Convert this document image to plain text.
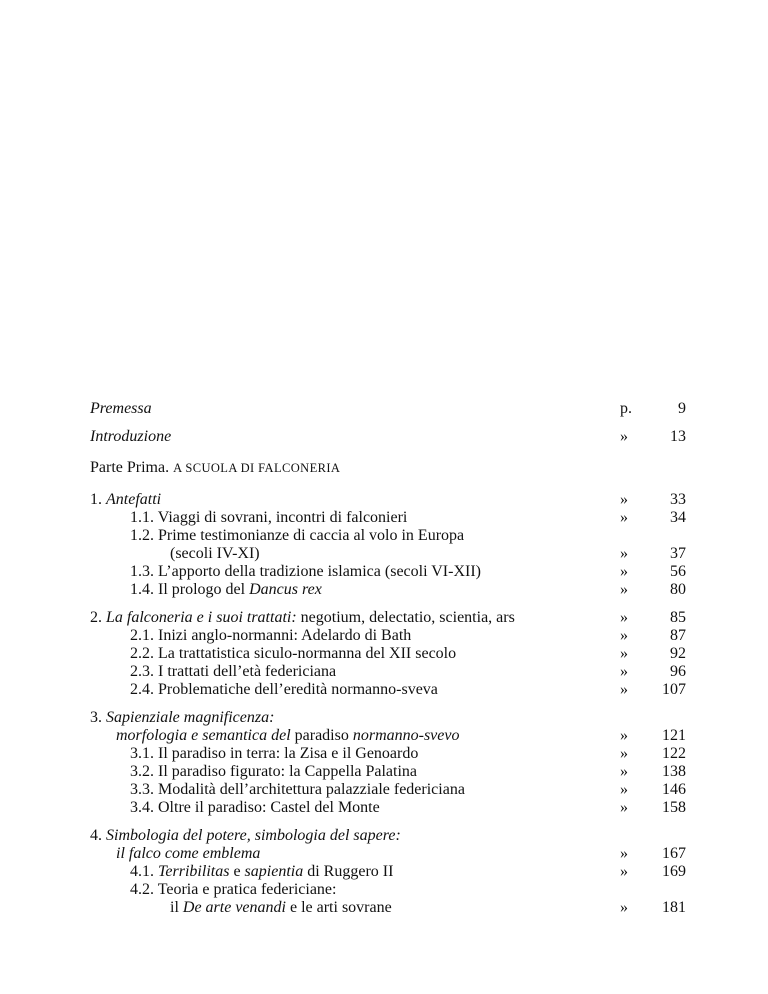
Premessa	p.	9
Introduzione	»	13
Parte Prima. A SCUOLA DI FALCONERIA
1. Antefatti	»	33
1.1. Viaggi di sovrani, incontri di falconieri	»	34
1.2. Prime testimonianze di caccia al volo in Europa
(secoli IV-XI)	»	37
1.3. L’apporto della tradizione islamica (secoli VI-XII)	»	56
1.4. Il prologo del Dancus rex	»	80
2. La falconeria e i suoi trattati: negotium, delectatio, scientia, ars	»	85
2.1. Inizi anglo-normanni: Adelardo di Bath	»	87
2.2. La trattatistica siculo-normanna del XII secolo	»	92
2.3. I trattati dell’età federiciana	»	96
2.4. Problematiche dell’eredità normanno-sveva	»	107
3. Sapienziale magnificenza:
morfologia e semantica del paradiso normanno-svevo	»	121
3.1. Il paradiso in terra: la Zisa e il Genoardo	»	122
3.2. Il paradiso figurato: la Cappella Palatina	»	138
3.3. Modalità dell’architettura palazziale federiciana	»	146
3.4. Oltre il paradiso: Castel del Monte	»	158
4. Simbologia del potere, simbologia del sapere:
il falco come emblema	»	167
4.1. Terribilitas e sapientia di Ruggero II	»	169
4.2. Teoria e pratica federiciane:
il De arte venandi e le arti sovrane	»	181
